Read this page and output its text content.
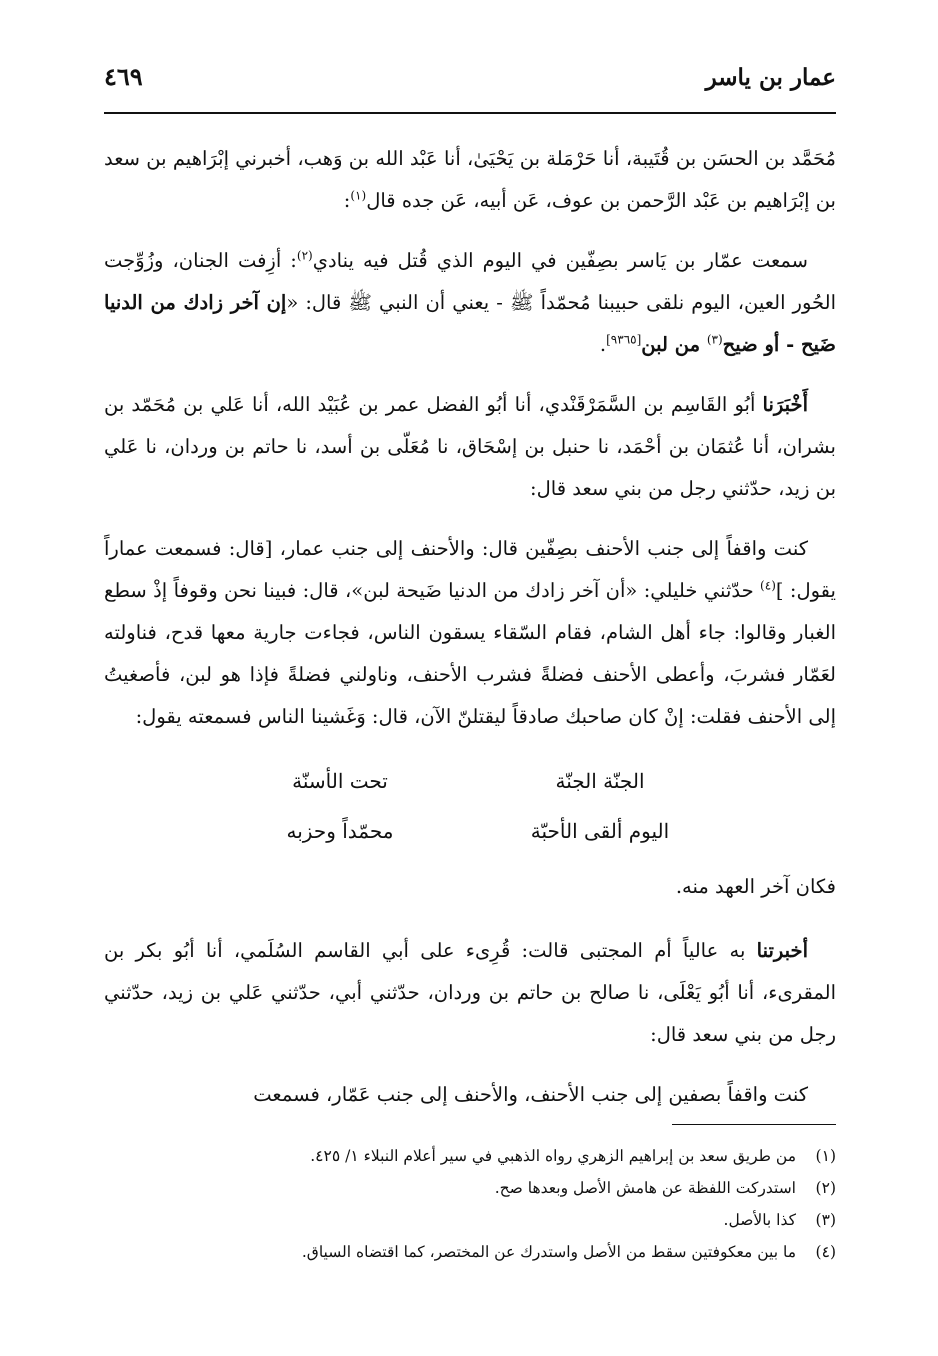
عمار بن ياسر
٤٦٩

مُحَمَّد بن الحسَن بن قُتَيبة، أنا حَرْمَلة بن يَحْيَىٰ، أنا عَبْد الله بن وَهب، أخبرني إبْرَاهيم بن سعد بن إبْرَاهيم بن عَبْد الرَّحمن بن عوف، عَن أبيه، عَن جده قال$^{(١)}$:

سمعت عمّار بن يَاسر بصِفّين في اليوم الذي قُتل فيه ينادي$^{(٢)}$: أزِفت الجنان، وزُوِّجت الحُور العين، اليوم نلقى حبيبنا مُحمّداً ﷺ - يعني أن النبي ﷺ قال: «إن آخر زادك من الدنيا ضَيح - أو ضيح$^{(٣)}$ من لبن[٩٣٦٥].

أَخْبَرَنا أبُو القَاسِم بن السَّمَرْقَنْدي، أنا أبُو الفضل عمر بن عُبَيْد الله، أنا عَلي بن مُحَمّد بن بشران، أنا عُثمَان بن أحْمَد، نا حنبل بن إسْحَاق، نا مُعَلّى بن أسد، نا حاتم بن وردان، نا عَلي بن زيد، حدّثني رجل من بني سعد قال:

كنت واقفاً إلى جنب الأحنف بصِفّين قال: والأحنف إلى جنب عمار، [قال: فسمعت عماراً يقول: ]$^{(٤)}$ حدّثني خليلي: «أن آخر زادك من الدنيا ضَيحة لبن»، قال: فبينا نحن وقوفاً إذْ سطع الغبار وقالوا: جاء أهل الشام، فقام السّقاء يسقون الناس، فجاءت جارية معها قدح، فناولته لعَمّار فشربَ، وأعطى الأحنف فضلةً فشرب الأحنف، وناولني فضلةً فإذا هو لبن، فأصغيتُ إلى الأحنف فقلت: إنْ كان صاحبك صادقاً ليقتلنّ الآن، قال: وَغَشينا الناس فسمعته يقول:

الجنّة الجنّة
تحت الأسنّة
اليوم ألقى الأحبّة
محمّداً وحزبه

فكان آخر العهد منه.

أخبرتنا به عالياً أم المجتبى قالت: قُرِىء على أبي القاسم السُلَمي، أنا أبُو بكر بن المقرىء، أنا أبُو يَعْلَى، نا صالح بن حاتم بن وردان، حدّثني أبي، حدّثني عَلي بن زيد، حدّثني رجل من بني سعد قال:

كنت واقفاً بصفين إلى جنب الأحنف، والأحنف إلى جنب عَمّار، فسمعت

(١)
من طريق سعد بن إبراهيم الزهري رواه الذهبي في سير أعلام النبلاء ١/ ٤٢٥.
(٢)
استدركت اللفظة عن هامش الأصل وبعدها صح.
(٣)
كذا بالأصل.
(٤)
ما بين معكوفتين سقط من الأصل واستدرك عن المختصر، كما اقتضاه السياق.
